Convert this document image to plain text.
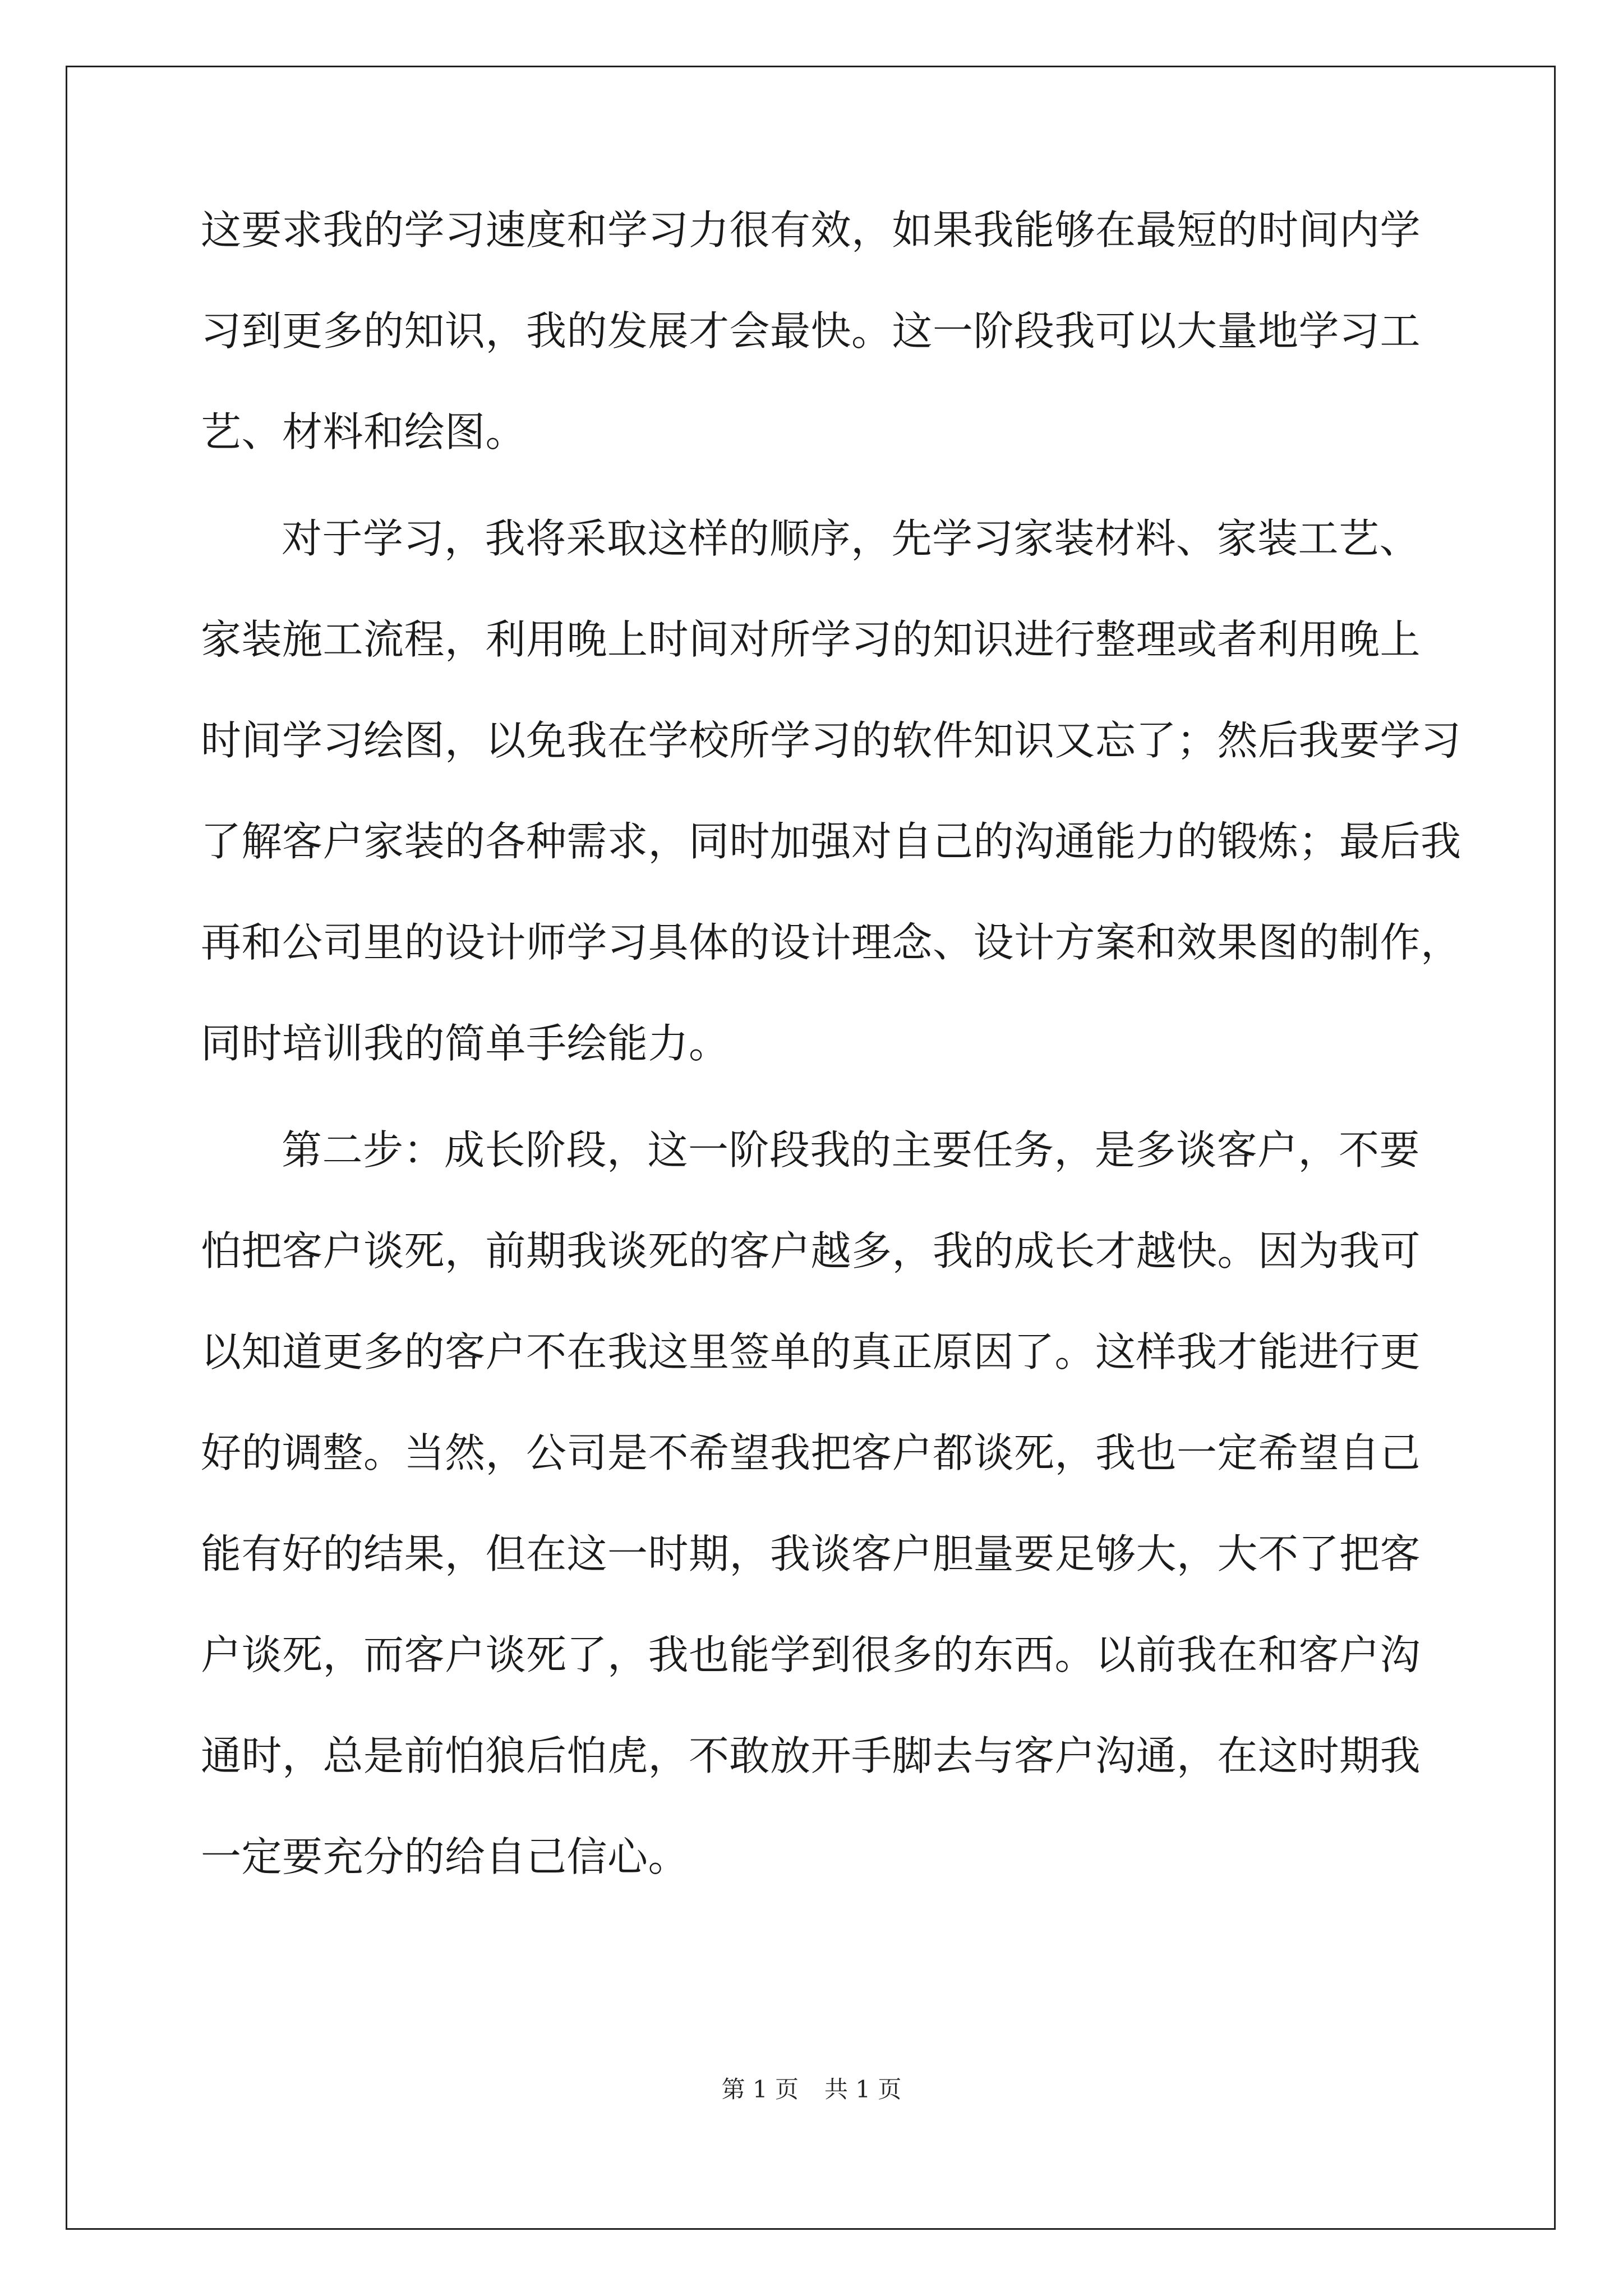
这要求我的学习速度和学习力很有效，如果我能够在最短的时间内学
习到更多的知识，我的发展才会最快。这一阶段我可以大量地学习工
艺、材料和绘图。
对于学习，我将采取这样的顺序，先学习家装材料、家装工艺、
家装施工流程，利用晚上时间对所学习的知识进行整理或者利用晚上
时间学习绘图，以免我在学校所学习的软件知识又忘了；然后我要学习
了解客户家装的各种需求，同时加强对自己的沟通能力的锻炼；最后我
再和公司里的设计师学习具体的设计理念、设计方案和效果图的制作，
同时培训我的简单手绘能力。
第二步：成长阶段，这一阶段我的主要任务，是多谈客户，不要
怕把客户谈死，前期我谈死的客户越多，我的成长才越快。因为我可
以知道更多的客户不在我这里签单的真正原因了。这样我才能进行更
好的调整。当然，公司是不希望我把客户都谈死，我也一定希望自己
能有好的结果，但在这一时期，我谈客户胆量要足够大，大不了把客
户谈死，而客户谈死了，我也能学到很多的东西。以前我在和客户沟
通时，总是前怕狼后怕虎，不敢放开手脚去与客户沟通，在这时期我
一定要充分的给自己信心。
第 1 页 共 1 页
